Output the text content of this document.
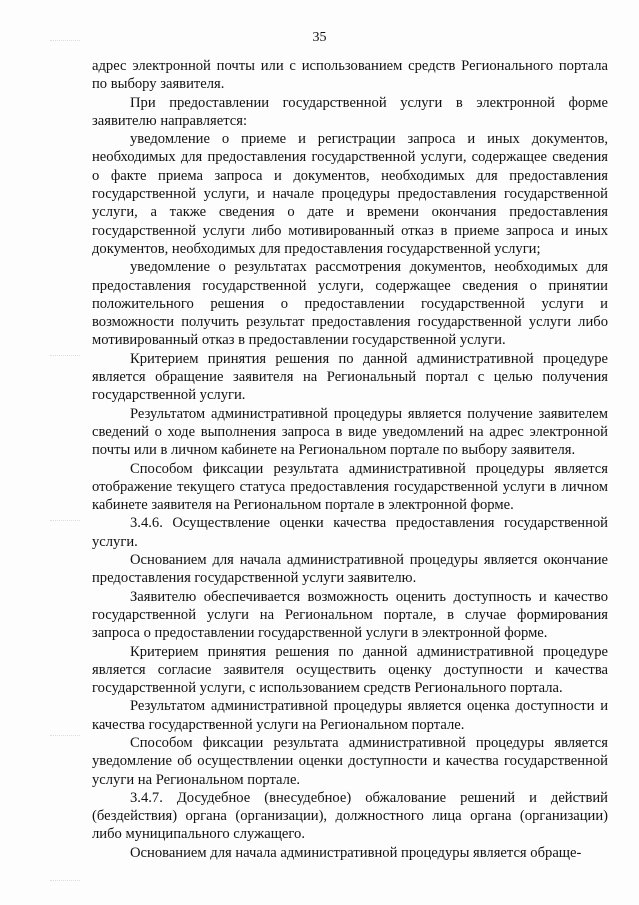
35

адрес электронной почты или с использованием средств Регионального портала по выбору заявителя.

При предоставлении государственной услуги в электронной форме заявителю направляется:

уведомление о приеме и регистрации запроса и иных документов, необходимых для предоставления государственной услуги, содержащее сведения о факте приема запроса и документов, необходимых для предоставления государственной услуги, и начале процедуры предоставления государственной услуги, а также сведения о дате и времени окончания предоставления государственной услуги либо мотивированный отказ в приеме запроса и иных документов, необходимых для предоставления государственной услуги;

уведомление о результатах рассмотрения документов, необходимых для предоставления государственной услуги, содержащее сведения о принятии положительного решения о предоставлении государственной услуги и возможности получить результат предоставления государственной услуги либо мотивированный отказ в предоставлении государственной услуги.

Критерием принятия решения по данной административной процедуре является обращение заявителя на Региональный портал с целью получения государственной услуги.

Результатом административной процедуры является получение заявителем сведений о ходе выполнения запроса в виде уведомлений на адрес электронной почты или в личном кабинете на Региональном портале по выбору заявителя.

Способом фиксации результата административной процедуры является отображение текущего статуса предоставления государственной услуги в личном кабинете заявителя на Региональном портале в электронной форме.

3.4.6. Осуществление оценки качества предоставления государственной услуги.

Основанием для начала административной процедуры является окончание предоставления государственной услуги заявителю.

Заявителю обеспечивается возможность оценить доступность и качество государственной услуги на Региональном портале, в случае формирования запроса о предоставлении государственной услуги в электронной форме.

Критерием принятия решения по данной административной процедуре является согласие заявителя осуществить оценку доступности и качества государственной услуги, с использованием средств Регионального портала.

Результатом административной процедуры является оценка доступности и качества государственной услуги на Региональном портале.

Способом фиксации результата административной процедуры является уведомление об осуществлении оценки доступности и качества государственной услуги на Региональном портале.

3.4.7. Досудебное (внесудебное) обжалование решений и действий (бездействия) органа (организации), должностного лица органа (организации) либо муниципального служащего.

Основанием для начала административной процедуры является обраще-
